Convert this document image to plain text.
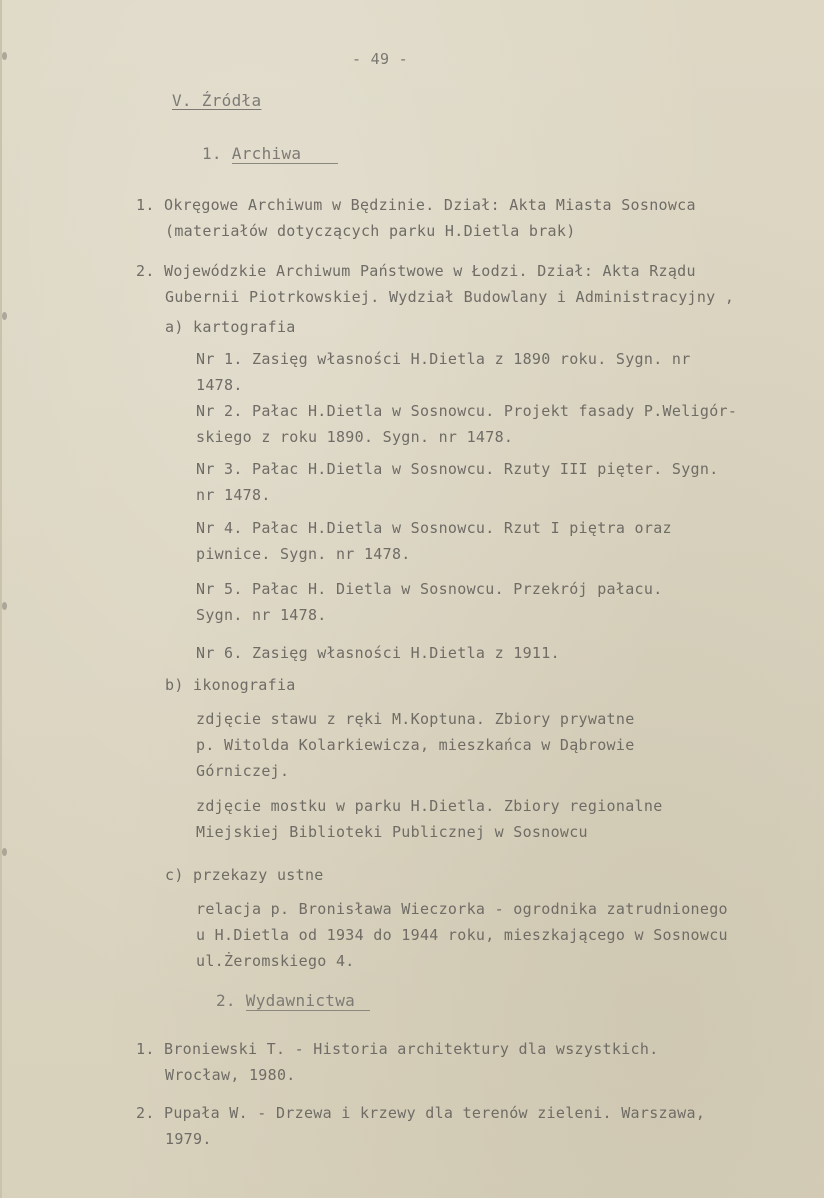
- 49 -
V. Źródła
1. Archiwa
1. Okręgowe Archiwum w Będzinie. Dział: Akta Miasta Sosnowca
(materiałów dotyczących parku H.Dietla brak)
2. Wojewódzkie Archiwum Państwowe w Łodzi. Dział: Akta Rządu
Gubernii Piotrkowskiej. Wydział Budowlany i Administracyjny ,
a) kartografia
Nr 1. Zasięg własności H.Dietla z 1890 roku. Sygn. nr
1478.
Nr 2. Pałac H.Dietla w Sosnowcu. Projekt fasady P.Weligór-
skiego z roku 1890. Sygn. nr 1478.
Nr 3. Pałac H.Dietla w Sosnowcu. Rzuty III pięter. Sygn.
nr 1478.
Nr 4. Pałac H.Dietla w Sosnowcu. Rzut I piętra oraz
piwnice. Sygn. nr 1478.
Nr 5. Pałac H. Dietla w Sosnowcu. Przekrój pałacu.
Sygn. nr 1478.
Nr 6. Zasięg własności H.Dietla z 1911.
b) ikonografia
zdjęcie stawu z ręki M.Koptuna. Zbiory prywatne
p. Witolda Kolarkiewicza, mieszkańca w Dąbrowie
Górniczej.
zdjęcie mostku w parku H.Dietla. Zbiory regionalne
Miejskiej Biblioteki Publicznej w Sosnowcu
c) przekazy ustne
relacja p. Bronisława Wieczorka - ogrodnika zatrudnionego
u H.Dietla od 1934 do 1944 roku, mieszkającego w Sosnowcu
ul.Żeromskiego 4.
2. Wydawnictwa
1. Broniewski T. - Historia architektury dla wszystkich.
Wrocław, 1980.
2. Pupała W. - Drzewa i krzewy dla terenów zieleni. Warszawa,
1979.
